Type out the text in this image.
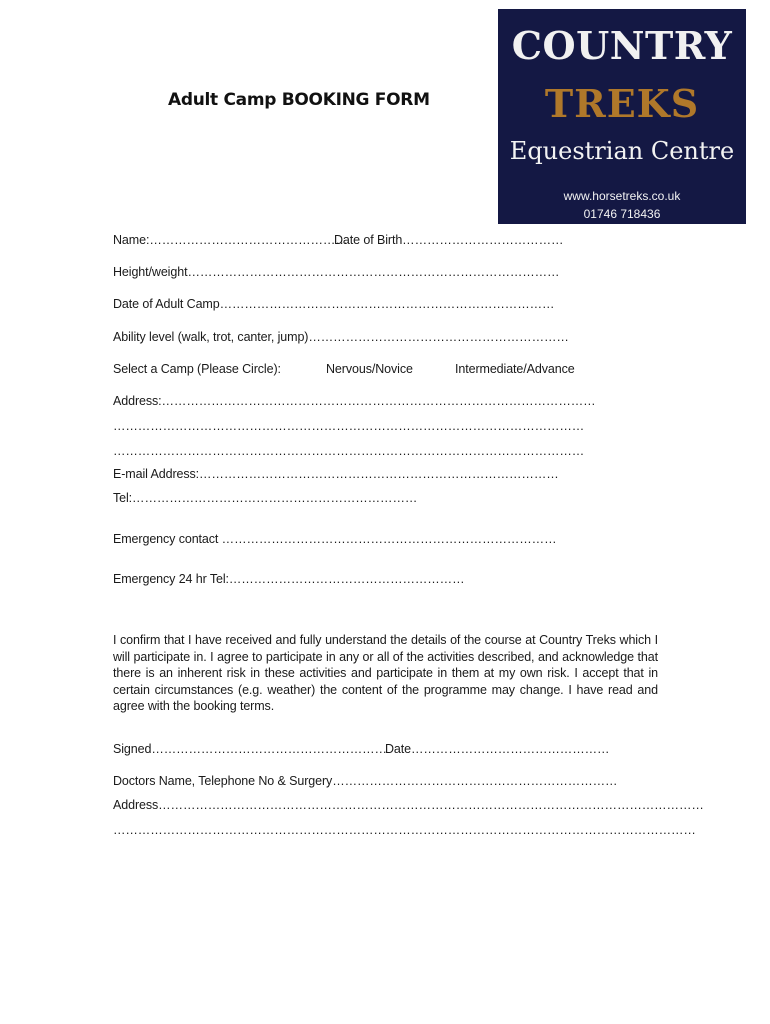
Adult Camp BOOKING FORM
COUNTRY
TREKS
Equestrian Centre
www.horsetreks.co.uk
01746 718436
Name:…………………………………………
Date of Birth…………………………………
Height/weight………………………………………………………………………………
Date of Adult Camp………………………………………………………………………
Ability level (walk, trot, canter, jump)………………………………………………………
Select a Camp (Please Circle):	Nervous/Novice	Intermediate/Advance
Address:……………………………………………………………………………………………
……………………………………………………………………………………………………
……………………………………………………………………………………………………
E-mail Address:……………………………………………………………………………
Tel:……………………………………………………………
Emergency contact ………………………………………………………………………
Emergency 24 hr Tel:…………………………………………………
I confirm that I have received and fully understand the details of the course at Country Treks which I will participate in. I agree to participate in any or all of the activities described, and acknowledge that there is an inherent risk in these activities and participate in them at my own risk. I accept that in certain circumstances (e.g. weather) the content of the programme may change. I have read and agree with the booking terms.
Signed…………………………………………………
Date…………………………………………
Doctors Name, Telephone No & Surgery……………………………………………………………
Address……………………………………………………………………………………………………………………
……………………………………………………………………………………………………………………………
